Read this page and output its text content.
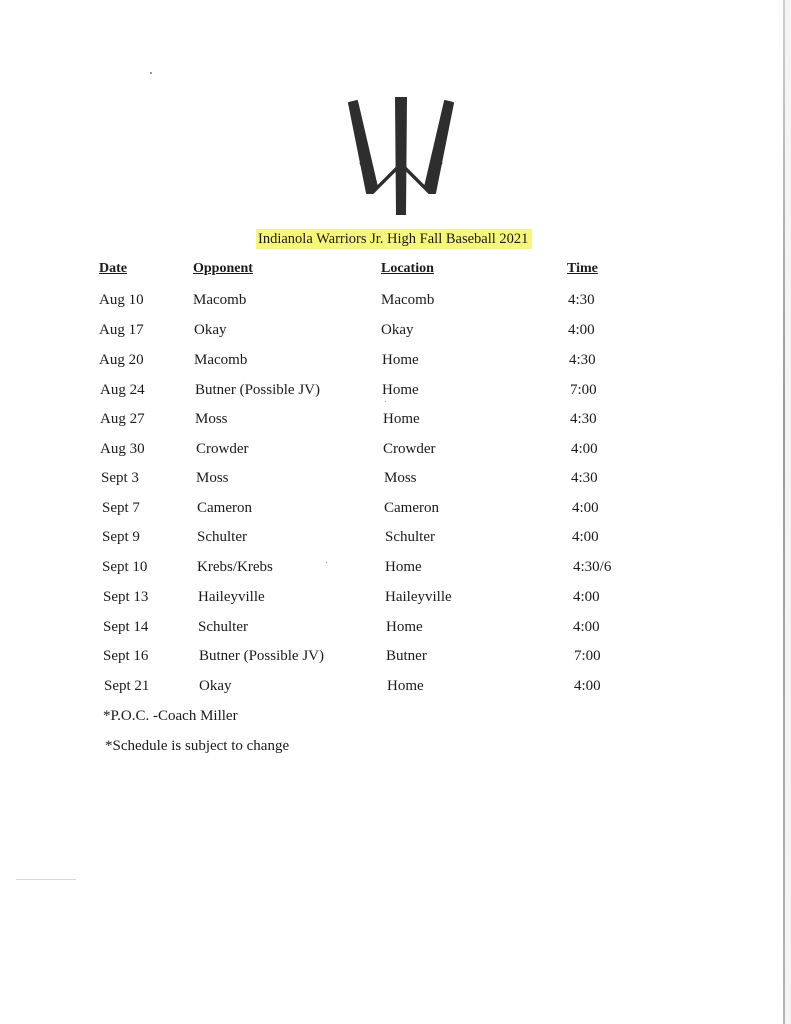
Indianola Warriors Jr. High Fall Baseball 2021
Date	Opponent	Location	Time
Aug 10	Macomb	Macomb	4:30
Aug 17	Okay	Okay	4:00
Aug 20	Macomb	Home	4:30
Aug 24	Butner (Possible JV)	Home	7:00
Aug 27	Moss	Home	4:30
Aug 30	Crowder	Crowder	4:00
Sept 3	Moss	Moss	4:30
Sept 7	Cameron	Cameron	4:00
Sept 9	Schulter	Schulter	4:00
Sept 10	Krebs/Krebs	Home	4:30/6
Sept 13	Haileyville	Haileyville	4:00
Sept 14	Schulter	Home	4:00
Sept 16	Butner (Possible JV)	Butner	7:00
Sept 21	Okay	Home	4:00
*P.O.C. -Coach Miller
*Schedule is subject to change
